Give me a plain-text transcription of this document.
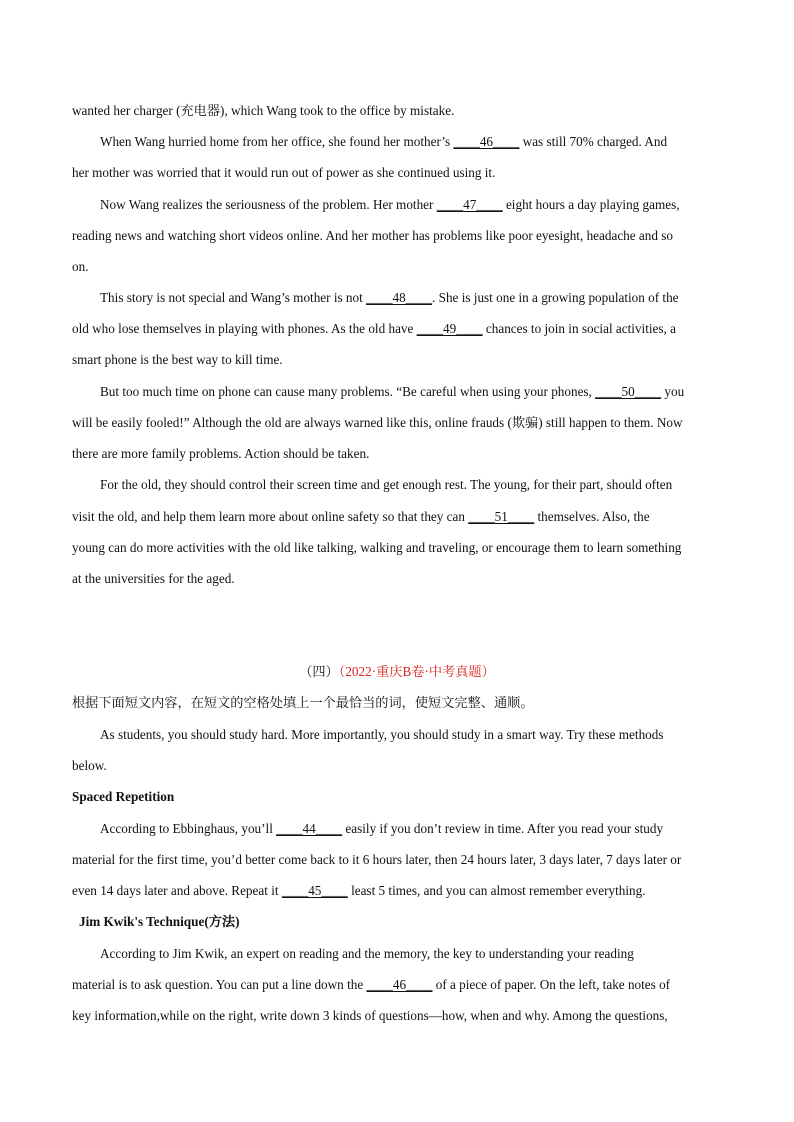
wanted her charger (充电器), which Wang took to the office by mistake.
When Wang hurried home from her office, she found her mother’s ____46____ was still 70% charged. And
her mother was worried that it would run out of power as she continued using it.
Now Wang realizes the seriousness of the problem. Her mother ____47____ eight hours a day playing games,
reading news and watching short videos online. And her mother has problems like poor eyesight, headache and so
on.
This story is not special and Wang’s mother is not ____48____. She is just one in a growing population of the
old who lose themselves in playing with phones. As the old have ____49____ chances to join in social activities, a
smart phone is the best way to kill time.
But too much time on phone can cause many problems. “Be careful when using your phones, ____50____ you
will be easily fooled!” Although the old are always warned like this, online frauds (欺骗) still happen to them. Now
there are more family problems. Action should be taken.
For the old, they should control their screen time and get enough rest. The young, for their part, should often
visit the old, and help them learn more about online safety so that they can ____51____ themselves. Also, the
young can do more activities with the old like talking, walking and traveling, or encourage them to learn something
at the universities for the aged.
（四）（2022·重庆B卷·中考真题）
根据下面短文内容，在短文的空格处填上一个最恰当的词，使短文完整、通顺。
As students, you should study hard. More importantly, you should study in a smart way. Try these methods
below.
Spaced Repetition
According to Ebbinghaus, you’ll ____44____ easily if you don’t review in time. After you read your study
material for the first time, you’d better come back to it 6 hours later, then 24 hours later, 3 days later, 7 days later or
even 14 days later and above. Repeat it ____45____ least 5 times, and you can almost remember everything.
Jim Kwik's Technique(方法)
According to Jim Kwik, an expert on reading and the memory, the key to understanding your reading
material is to ask question. You can put a line down the ____46____ of a piece of paper. On the left, take notes of
key information,while on the right, write down 3 kinds of questions—how, when and why. Among the questions,
